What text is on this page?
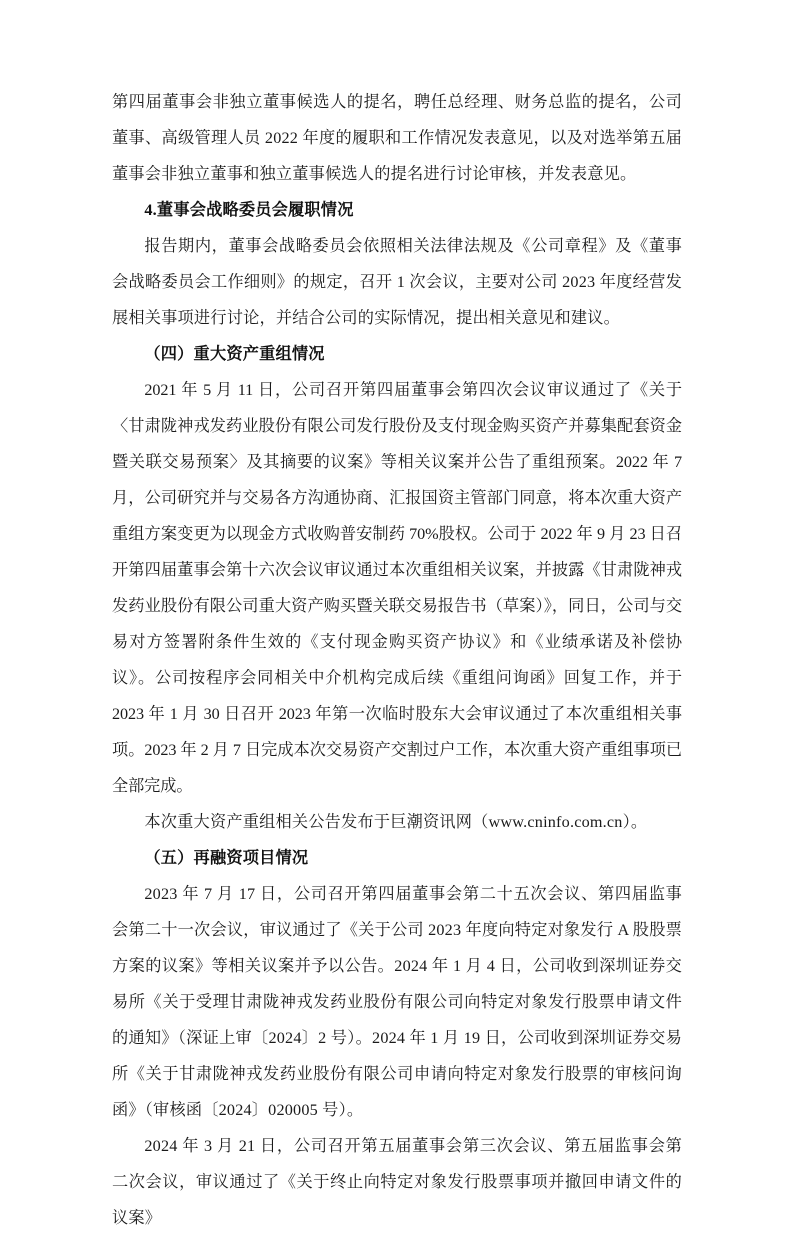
第四届董事会非独立董事候选人的提名，聘任总经理、财务总监的提名，公司董事、高级管理人员 2022 年度的履职和工作情况发表意见，以及对选举第五届董事会非独立董事和独立董事候选人的提名进行讨论审核，并发表意见。

4.董事会战略委员会履职情况

报告期内，董事会战略委员会依照相关法律法规及《公司章程》及《董事会战略委员会工作细则》的规定，召开 1 次会议，主要对公司 2023 年度经营发展相关事项进行讨论，并结合公司的实际情况，提出相关意见和建议。

（四）重大资产重组情况

2021 年 5 月 11 日，公司召开第四届董事会第四次会议审议通过了《关于〈甘肃陇神戎发药业股份有限公司发行股份及支付现金购买资产并募集配套资金暨关联交易预案〉及其摘要的议案》等相关议案并公告了重组预案。2022 年 7 月，公司研究并与交易各方沟通协商、汇报国资主管部门同意，将本次重大资产重组方案变更为以现金方式收购普安制药 70%股权。公司于 2022 年 9 月 23 日召开第四届董事会第十六次会议审议通过本次重组相关议案，并披露《甘肃陇神戎发药业股份有限公司重大资产购买暨关联交易报告书（草案）》，同日，公司与交易对方签署附条件生效的《支付现金购买资产协议》和《业绩承诺及补偿协议》。公司按程序会同相关中介机构完成后续《重组问询函》回复工作，并于 2023 年 1 月 30 日召开 2023 年第一次临时股东大会审议通过了本次重组相关事项。2023 年 2 月 7 日完成本次交易资产交割过户工作，本次重大资产重组事项已全部完成。

本次重大资产重组相关公告发布于巨潮资讯网（www.cninfo.com.cn）。

（五）再融资项目情况

2023 年 7 月 17 日，公司召开第四届董事会第二十五次会议、第四届监事会第二十一次会议，审议通过了《关于公司 2023 年度向特定对象发行 A 股股票方案的议案》等相关议案并予以公告。2024 年 1 月 4 日，公司收到深圳证券交易所《关于受理甘肃陇神戎发药业股份有限公司向特定对象发行股票申请文件的通知》（深证上审〔2024〕2 号）。2024 年 1 月 19 日，公司收到深圳证券交易所《关于甘肃陇神戎发药业股份有限公司申请向特定对象发行股票的审核问询函》（审核函〔2024〕020005 号）。

2024 年 3 月 21 日，公司召开第五届董事会第三次会议、第五届监事会第二次会议，审议通过了《关于终止向特定对象发行股票事项并撤回申请文件的议案》
